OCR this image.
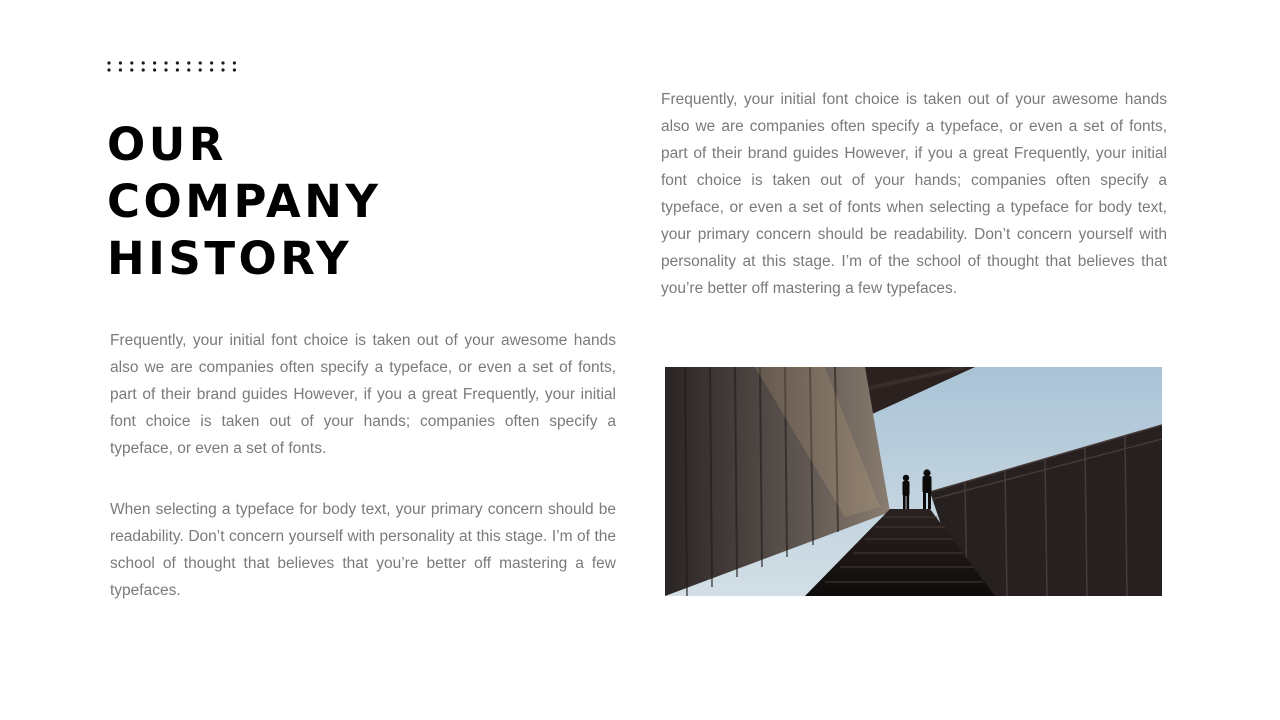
OUR
COMPANY
HISTORY

Frequently, your initial font choice is taken out of your awesome hands also we are companies often specify a typeface, or even a set of fonts, part of their brand guides However, if you a great Frequently, your initial font choice is taken out of your hands; companies often specify a typeface, or even a set of fonts.

When selecting a typeface for body text, your primary concern should be readability. Don’t concern yourself with personality at this stage. I’m of the school of thought that believes that you’re better off mastering a few typefaces.

Frequently, your initial font choice is taken out of your awesome hands also we are companies often specify a typeface, or even a set of fonts, part of their brand guides However, if you a great Frequently, your initial font choice is taken out of your hands; companies often specify a typeface, or even a set of fonts when selecting a typeface for body text, your primary concern should be readability. Don’t concern yourself with personality at this stage. I’m of the school of thought that believes that you’re better off mastering a few typefaces.
